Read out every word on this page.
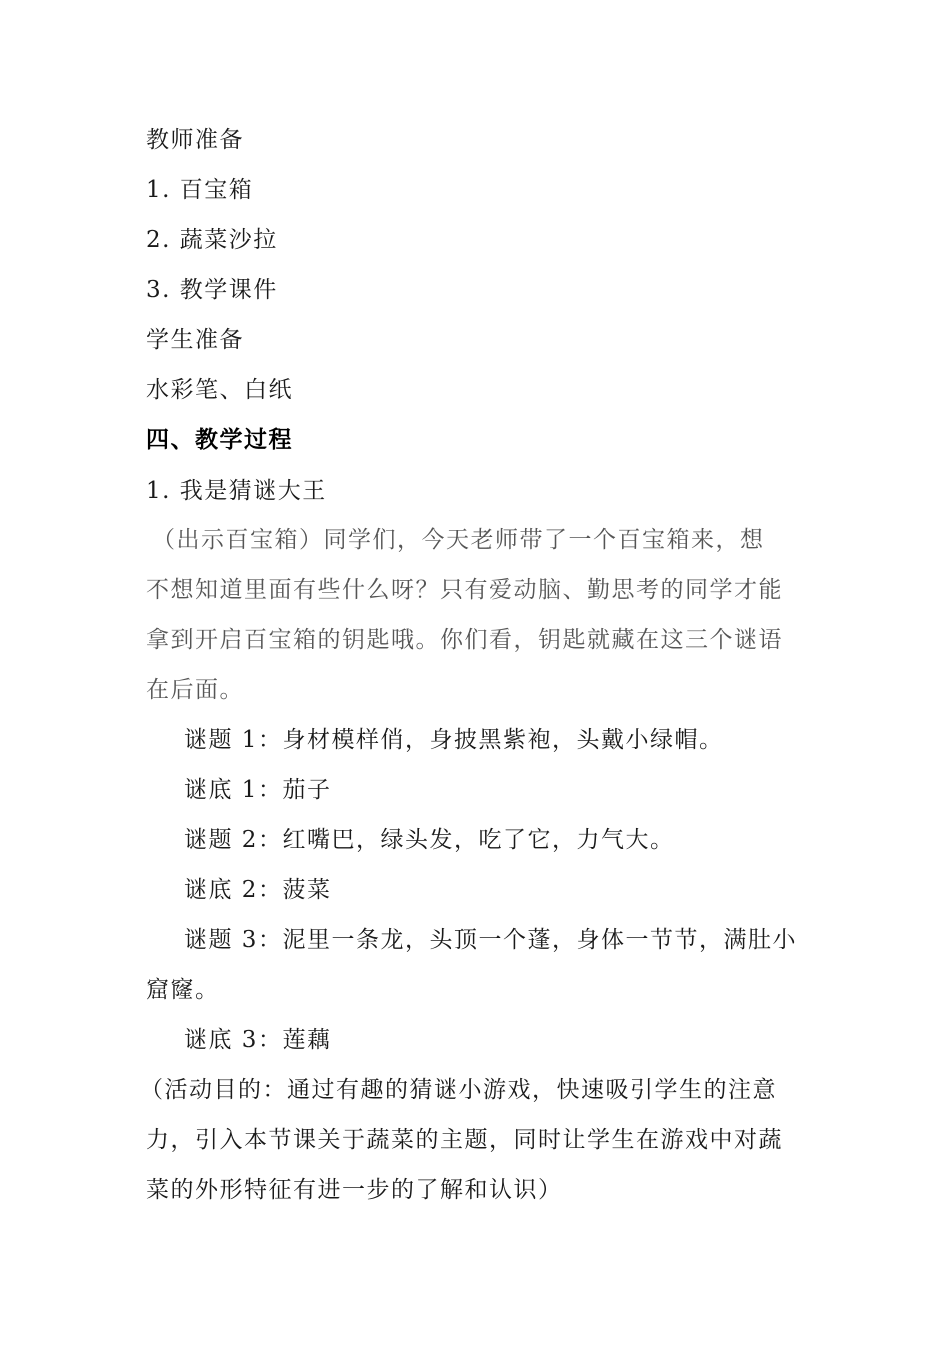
教师准备
1. 百宝箱
2. 蔬菜沙拉
3. 教学课件
学生准备
水彩笔、白纸
四、教学过程
1. 我是猜谜大王
（出示百宝箱）同学们，今天老师带了一个百宝箱来，想
不想知道里面有些什么呀？只有爱动脑、勤思考的同学才能
拿到开启百宝箱的钥匙哦。你们看，钥匙就藏在这三个谜语
在后面。
谜题 1：身材模样俏，身披黑紫袍，头戴小绿帽。
谜底 1：茄子
谜题 2：红嘴巴，绿头发，吃了它，力气大。
谜底 2：菠菜
谜题 3：泥里一条龙，头顶一个蓬，身体一节节，满肚小
窟窿。
谜底 3：莲藕
（活动目的：通过有趣的猜谜小游戏，快速吸引学生的注意
力，引入本节课关于蔬菜的主题，同时让学生在游戏中对蔬
菜的外形特征有进一步的了解和认识）
